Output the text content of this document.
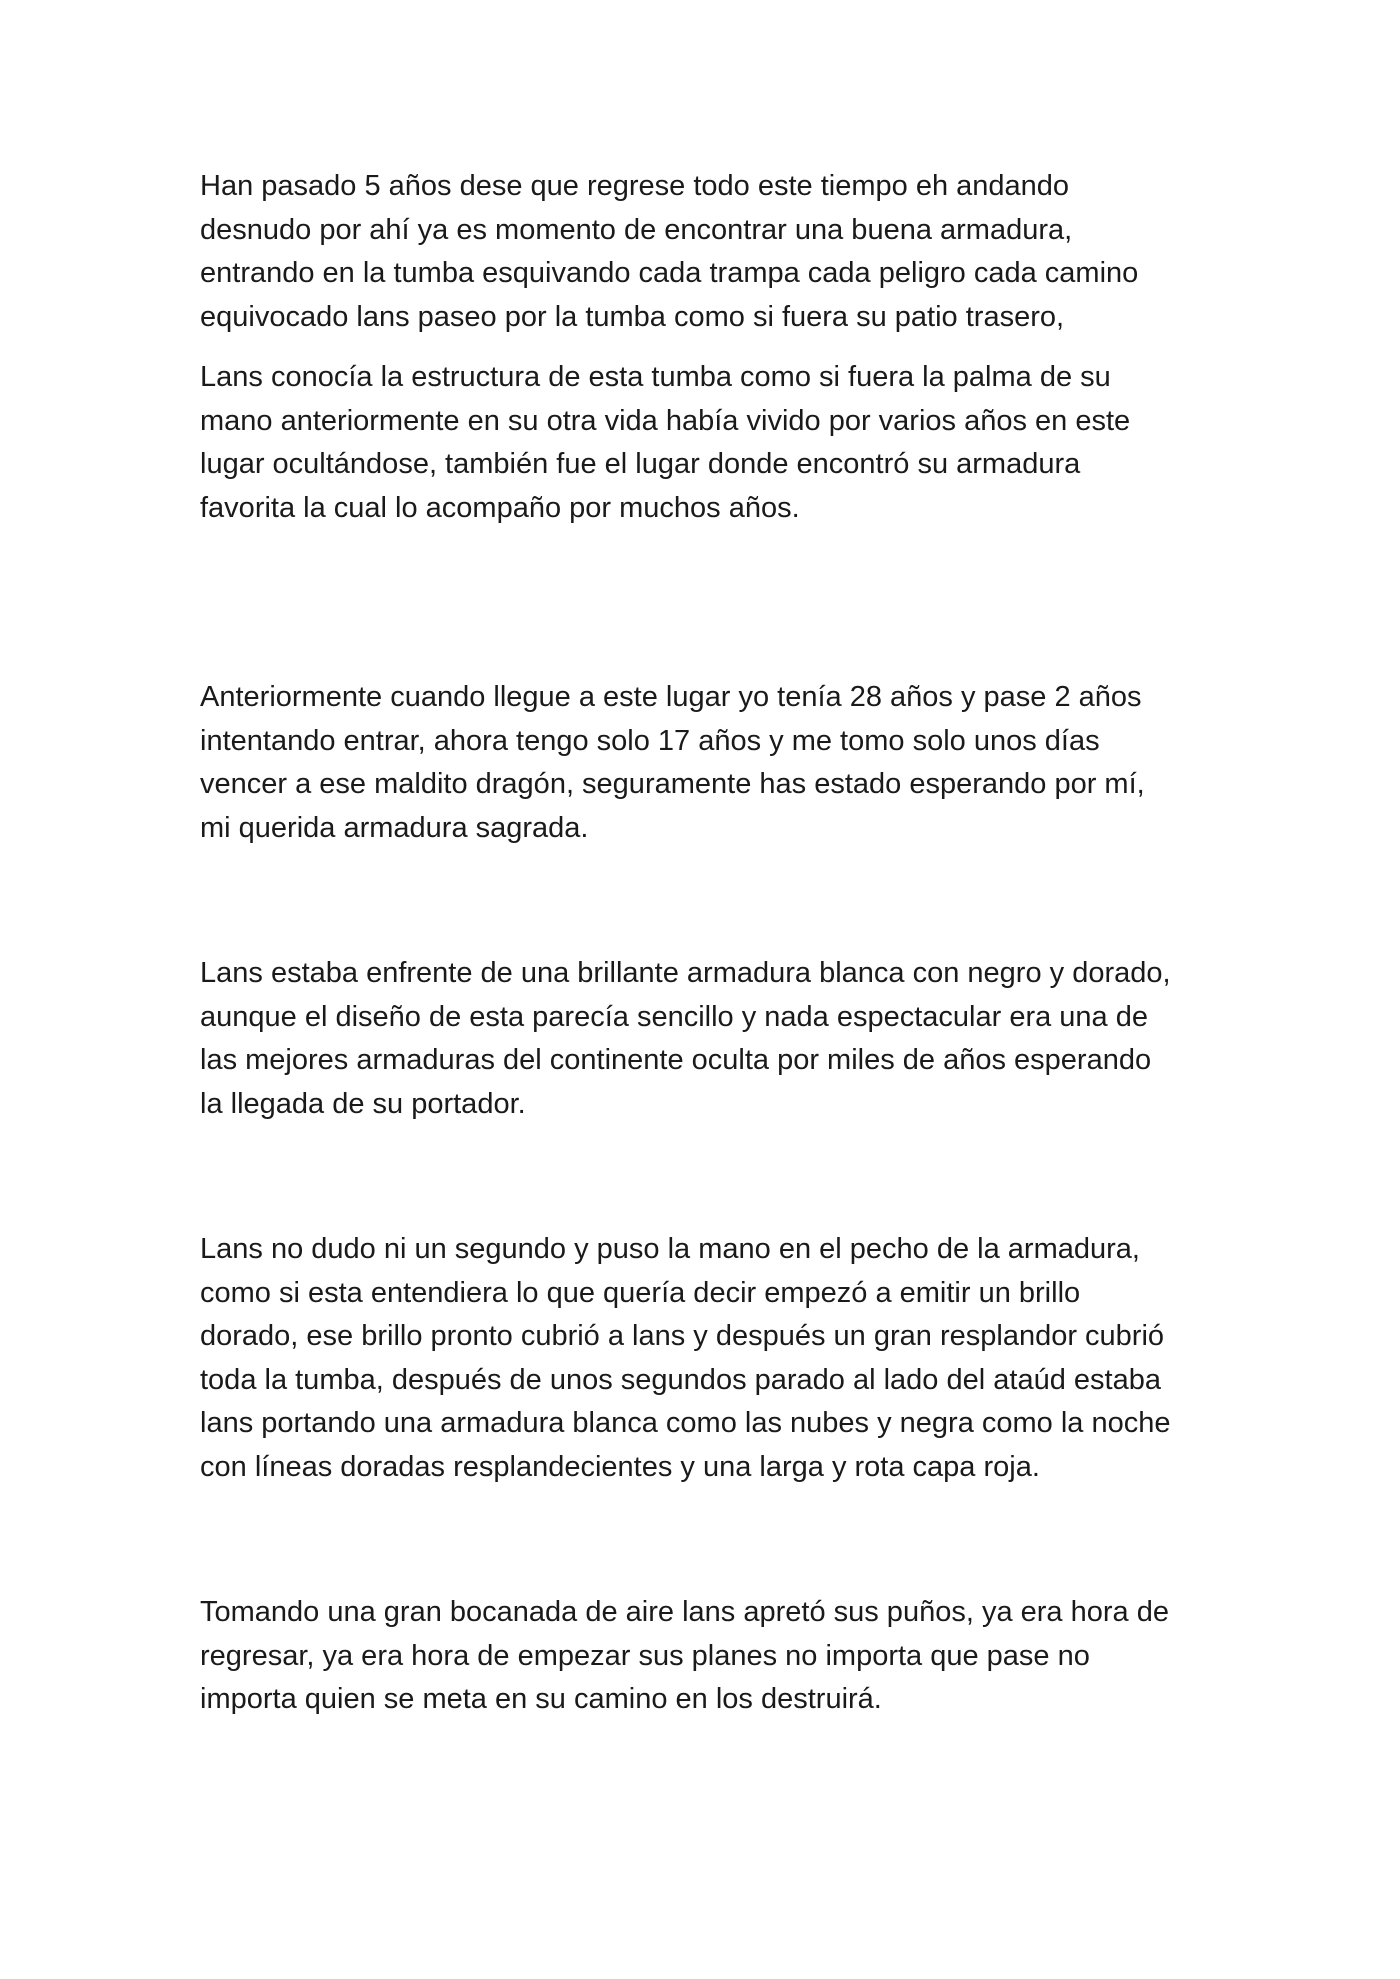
Han pasado 5 años dese que regrese todo este tiempo eh andando
desnudo por ahí ya es momento de encontrar una buena armadura,
entrando en la tumba esquivando cada trampa cada peligro cada camino
equivocado lans paseo por la tumba como si fuera su patio trasero,

Lans conocía la estructura de esta tumba como si fuera la palma de su
mano anteriormente en su otra vida había vivido por varios años en este
lugar ocultándose, también fue el lugar donde encontró su armadura
favorita la cual lo acompaño por muchos años.

Anteriormente cuando llegue a este lugar yo tenía 28 años y pase 2 años
intentando entrar, ahora tengo solo 17 años y me tomo solo unos días
vencer a ese maldito dragón, seguramente has estado esperando por mí,
mi querida armadura sagrada.

Lans estaba enfrente de una brillante armadura blanca con negro y dorado,
aunque el diseño de esta parecía sencillo y nada espectacular era una de
las mejores armaduras del continente oculta por miles de años esperando
la llegada de su portador.

Lans no dudo ni un segundo y puso la mano en el pecho de la armadura,
como si esta entendiera lo que quería decir empezó a emitir un brillo
dorado, ese brillo pronto cubrió a lans y después un gran resplandor cubrió
toda la tumba, después de unos segundos parado al lado del ataúd estaba
lans portando una armadura blanca como las nubes y negra como la noche
con líneas doradas resplandecientes y una larga y rota capa roja.

Tomando una gran bocanada de aire lans apretó sus puños, ya era hora de
regresar, ya era hora de empezar sus planes no importa que pase no
importa quien se meta en su camino en los destruirá.
